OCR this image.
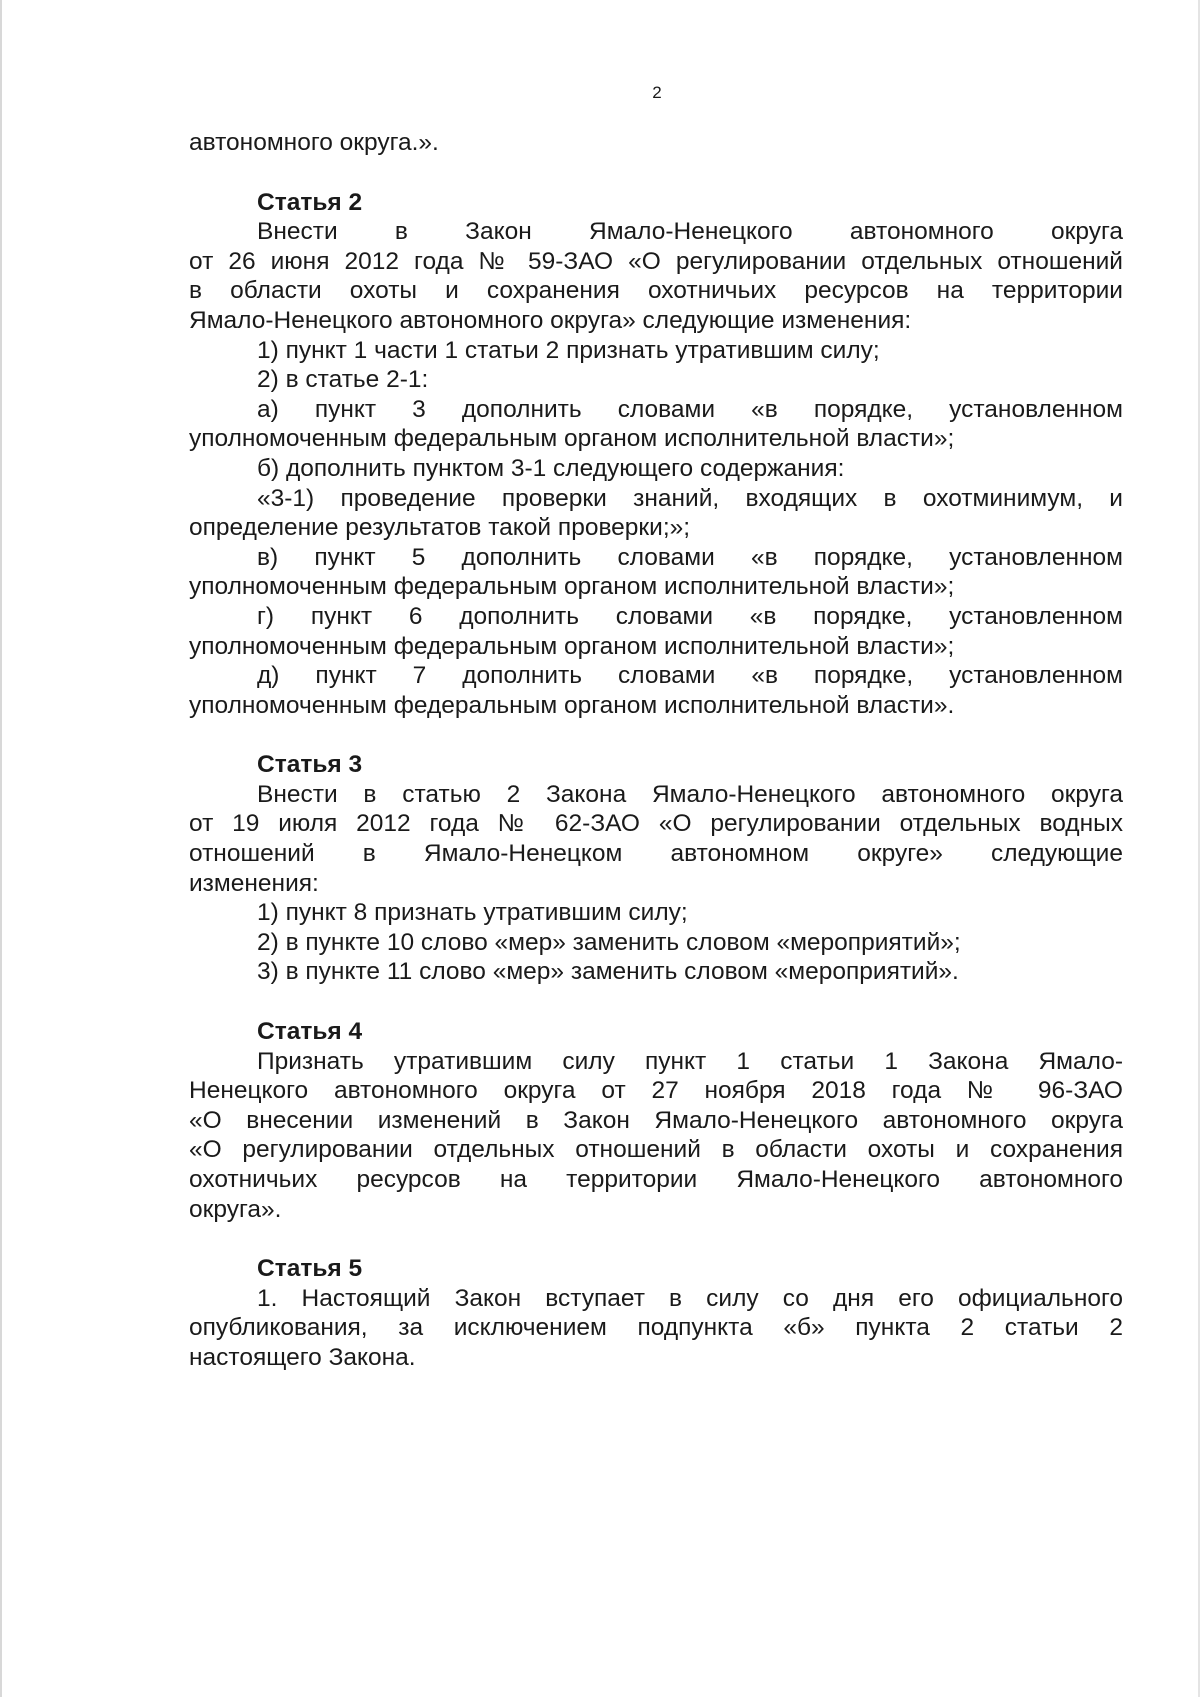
2
автономного округа.».
Статья 2
Внести в Закон Ямало-Ненецкого автономного округа
от 26 июня 2012 года № 59-ЗАО «О регулировании отдельных отношений
в области охоты и сохранения охотничьих ресурсов на территории
Ямало-Ненецкого автономного округа» следующие изменения:
1) пункт 1 части 1 статьи 2 признать утратившим силу;
2) в статье 2-1:
а) пункт 3 дополнить словами «в порядке, установленном
уполномоченным федеральным органом исполнительной власти»;
б) дополнить пунктом 3-1 следующего содержания:
«3-1) проведение проверки знаний, входящих в охотминимум, и
определение результатов такой проверки;»;
в) пункт 5 дополнить словами «в порядке, установленном
уполномоченным федеральным органом исполнительной власти»;
г) пункт 6 дополнить словами «в порядке, установленном
уполномоченным федеральным органом исполнительной власти»;
д) пункт 7 дополнить словами «в порядке, установленном
уполномоченным федеральным органом исполнительной власти».
Статья 3
Внести в статью 2 Закона Ямало-Ненецкого автономного округа
от 19 июля 2012 года № 62-ЗАО «О регулировании отдельных водных
отношений в Ямало-Ненецком автономном округе» следующие
изменения:
1) пункт 8 признать утратившим силу;
2) в пункте 10 слово «мер» заменить словом «мероприятий»;
3) в пункте 11 слово «мер» заменить словом «мероприятий».
Статья 4
Признать утратившим силу пункт 1 статьи 1 Закона Ямало-
Ненецкого автономного округа от 27 ноября 2018 года № 96-ЗАО
«О внесении изменений в Закон Ямало-Ненецкого автономного округа
«О регулировании отдельных отношений в области охоты и сохранения
охотничьих ресурсов на территории Ямало-Ненецкого автономного
округа».
Статья 5
1. Настоящий Закон вступает в силу со дня его официального
опубликования, за исключением подпункта «б» пункта 2 статьи 2
настоящего Закона.
